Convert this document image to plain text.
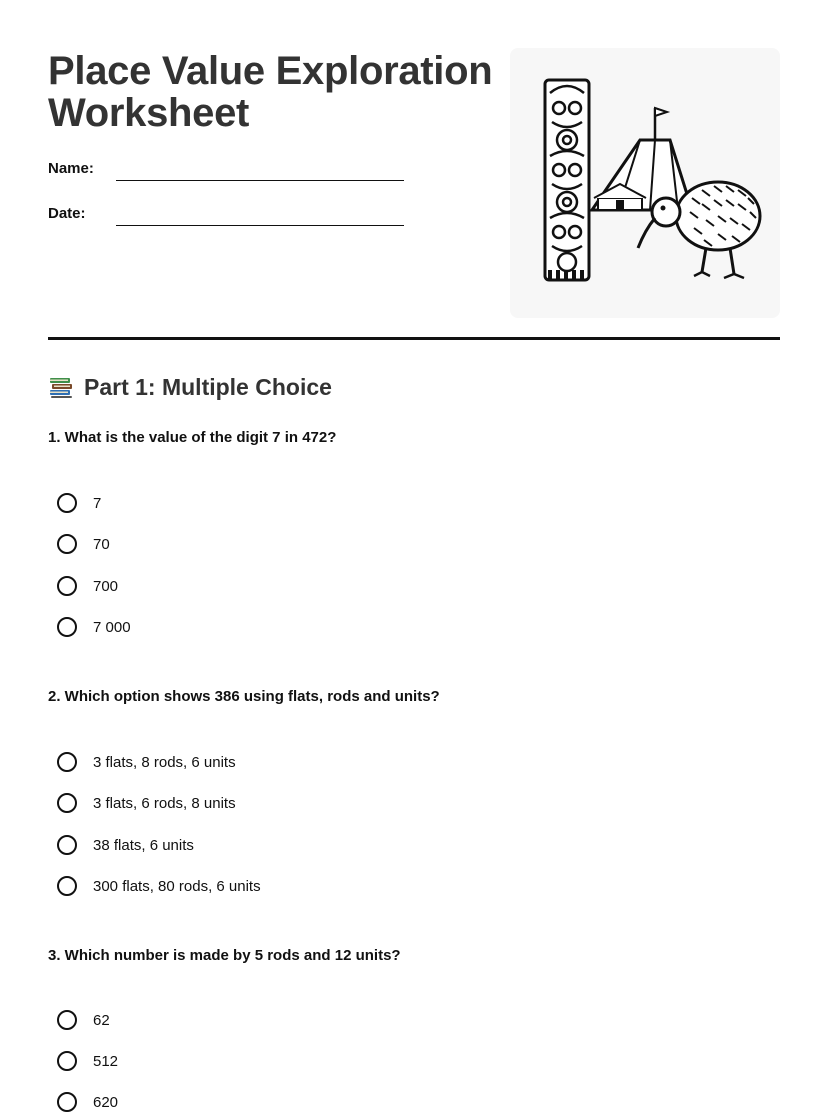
Place Value Exploration Worksheet
Name:
Date:
Part 1: Multiple Choice
1. What is the value of the digit 7 in 472?
7
70
700
7 000
2. Which option shows 386 using flats, rods and units?
3 flats, 8 rods, 6 units
3 flats, 6 rods, 8 units
38 flats, 6 units
300 flats, 80 rods, 6 units
3. Which number is made by 5 rods and 12 units?
62
512
620
